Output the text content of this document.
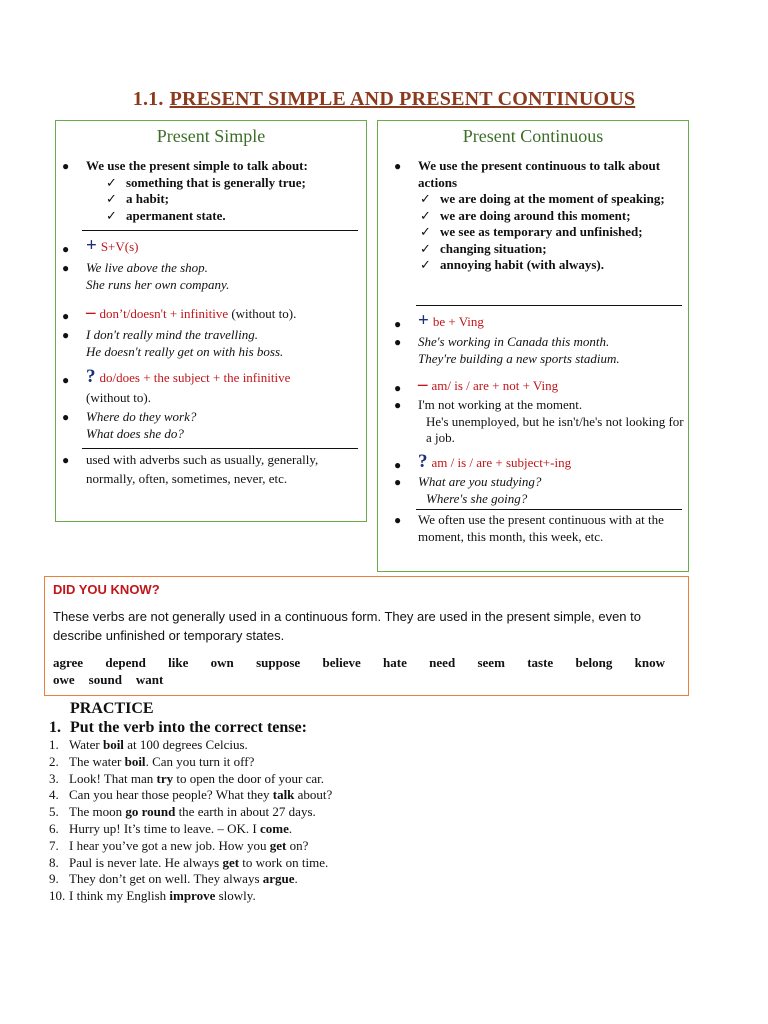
1.1. PRESENT SIMPLE AND PRESENT CONTINUOUS
Present Simple
● We use the present simple to talk about:
✓ something that is generally true;
✓ a habit;
✓ apermanent state.
● + S+V(s)
● We live above the shop.
She runs her own company.
● – don’t/doesn't + infinitive (without to).
● I don't really mind the travelling.
He doesn't really get on with his boss.
● ? do/does + the subject + the infinitive
(without to).
● Where do they work?
What does she do?
● used with adverbs such as usually, generally, normally, often, sometimes, never, etc.
Present Continuous
● We use the present continuous to talk about actions
✓ we are doing at the moment of speaking;
✓ we are doing around this moment;
✓ we see as temporary and unfinished;
✓ changing situation;
✓ annoying habit (with always).
● + be + Ving
● She's working in Canada this month.
They're building a new sports stadium.
● – am/ is / are + not + Ving
● I'm not working at the moment.

He's unemployed, but he isn't/he's not looking for a job.
● ? am / is / are + subject+-ing
● What are you studying?
Where's she going?
● We often use the present continuous with at the moment, this month, this week, etc.
DID YOU KNOW?
These verbs are not generally used in a continuous form. They are used in the present simple, even to describe unfinished or temporary states.
agree depend like own suppose believe hate need seem taste belong know
owe sound want
PRACTICE
1. Put the verb into the correct tense:
1. Water boil at 100 degrees Celcius.
2. The water boil. Can you turn it off?
3. Look! That man try to open the door of your car.
4. Can you hear those people? What they talk about?
5. The moon go round the earth in about 27 days.
6. Hurry up! It’s time to leave. – OK. I come.
7. I hear you’ve got a new job. How you get on?
8. Paul is never late. He always get to work on time.
9. They don’t get on well. They always argue.
10. I think my English improve slowly.
